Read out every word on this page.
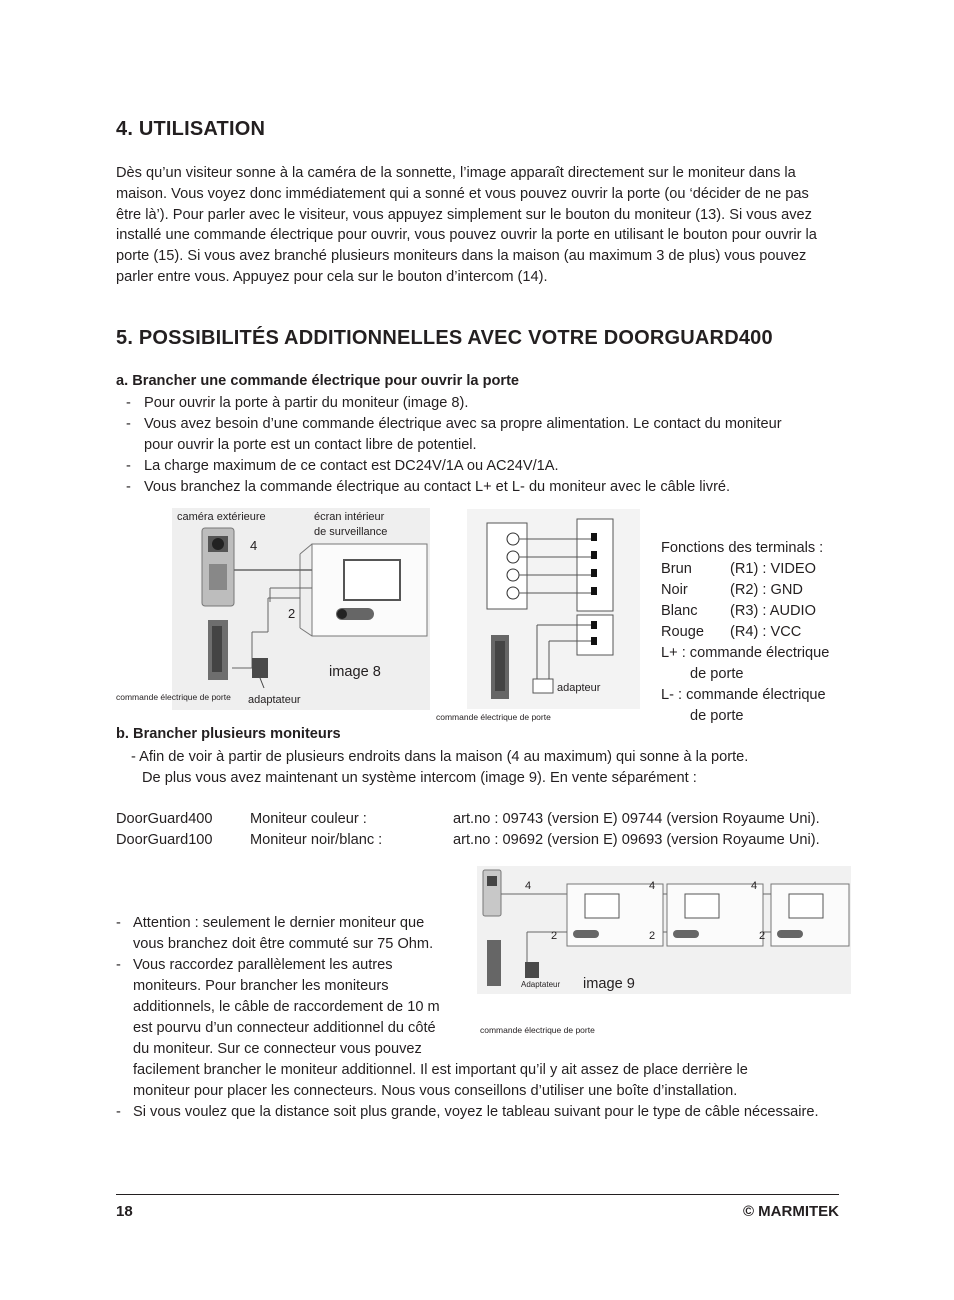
4. UTILISATION
Dès qu’un visiteur sonne à la caméra de la sonnette, l’image apparaît directement sur le moniteur dans la
maison. Vous voyez donc immédiatement qui a sonné et vous pouvez ouvrir la porte (ou ‘décider de ne pas
être là’). Pour parler avec le visiteur, vous appuyez simplement sur le bouton du moniteur (13). Si vous avez
installé une commande électrique pour ouvrir, vous pouvez ouvrir la porte en utilisant le bouton pour ouvrir la
porte (15). Si vous avez branché plusieurs moniteurs dans la maison (au maximum 3 de plus) vous pouvez
parler entre vous. Appuyez pour cela sur le bouton d’intercom (14).
5. POSSIBILITÉS ADDITIONNELLES AVEC VOTRE DOORGUARD400
a. Brancher une commande électrique pour ouvrir la porte
- Pour ouvrir la porte à partir du moniteur (image 8).
- Vous avez besoin d’une commande électrique avec sa propre alimentation. Le contact du moniteur
pour ouvrir la porte est un contact libre de potentiel.
- La charge maximum de ce contact est DC24V/1A ou AC24V/1A.
- Vous branchez la commande électrique au contact L+ et L- du moniteur avec le câble livré.
caméra extérieure	écran intérieur
de surveillance
4
2
adaptateur
image 8
commande électrique de porte
adapteur
commande électrique de porte
Fonctions des terminals :
Brun	(R1) : VIDEO
Noir	(R2) : GND
Blanc (R3) : AUDIO
Rouge (R4) : VCC
L+ : commande électrique
de porte
L- : commande électrique
de porte
b. Brancher plusieurs moniteurs
- Afin de voir à partir de plusieurs endroits dans la maison (4 au maximum) qui sonne à la porte.
De plus vous avez maintenant un système intercom (image 9). En vente séparément :
DoorGuard400	Moniteur couleur :	art.no : 09743 (version E) 09744 (version Royaume Uni).
DoorGuard100	Moniteur noir/blanc :	art.no : 09692 (version E) 09693 (version Royaume Uni).
4	4	4
2	2	2
Adaptateur image 9
commande électrique de porte
- Attention : seulement le dernier moniteur que
vous branchez doit être commuté sur 75 Ohm.
- Vous raccordez parallèlement les autres
moniteurs. Pour brancher les moniteurs
additionnels, le câble de raccordement de 10 m
est pourvu d’un connecteur additionnel du côté
du moniteur. Sur ce connecteur vous pouvez
facilement brancher le moniteur additionnel. Il est important qu’il y ait assez de place derrière le
moniteur pour placer les connecteurs. Nous vous conseillons d’utiliser une boîte d’installation.
- Si vous voulez que la distance soit plus grande, voyez le tableau suivant pour le type de câble nécessaire.
18	© MARMITEK
